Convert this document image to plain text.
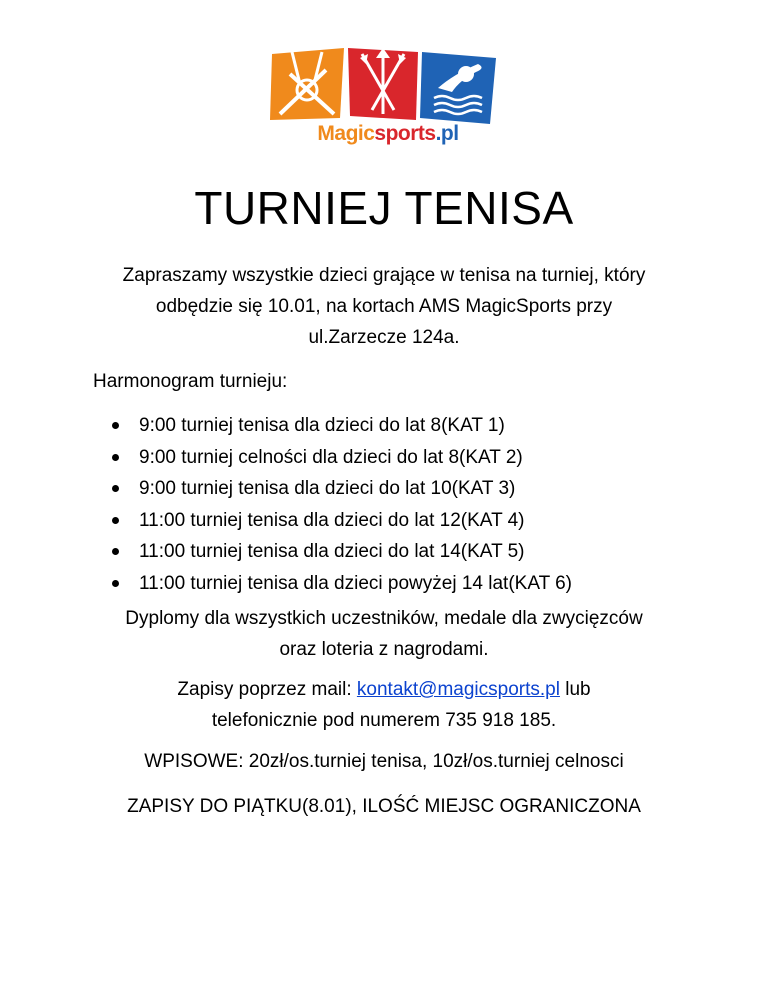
Magicsports.pl
TURNIEJ TENISA

Zapraszamy wszystkie dzieci grające w tenisa na turniej, który
odbędzie się 10.01, na kortach AMS MagicSports przy
ul.Zarzecze 124a.

Harmonogram turnieju:

9:00 turniej tenisa dla dzieci do lat 8(KAT 1)
9:00 turniej celności dla dzieci do lat 8(KAT 2)
9:00 turniej tenisa dla dzieci do lat 10(KAT 3)
11:00 turniej tenisa dla dzieci do lat 12(KAT 4)
11:00 turniej tenisa dla dzieci do lat 14(KAT 5)
11:00 turniej tenisa dla dzieci powyżej 14 lat(KAT 6)

Dyplomy dla wszystkich uczestników, medale dla zwycięzców
oraz loteria z nagrodami.

Zapisy poprzez mail: kontakt@magicsports.pl lub
telefonicznie pod numerem 735 918 185.

WPISOWE: 20zł/os.turniej tenisa, 10zł/os.turniej celnosci

ZAPISY DO PIĄTKU(8.01), ILOŚĆ MIEJSC OGRANICZONA
